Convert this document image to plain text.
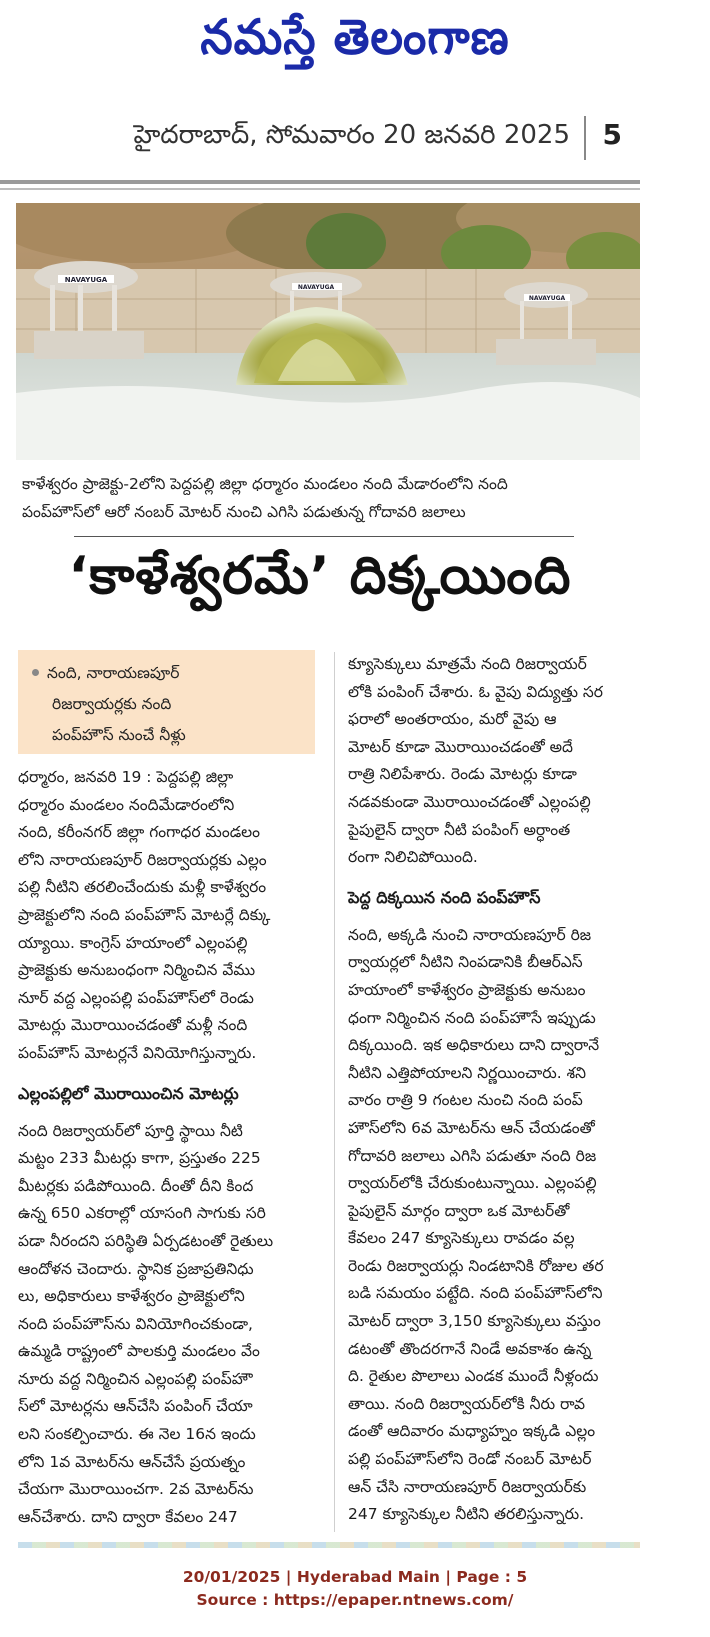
నమస్తే తెలంగాణ
హైదరాబాద్, సోమవారం 20 జనవరి 2025 5
NAVAYUGA
NAVAYUGA
NAVAYUGA
కాళేశ్వరం ప్రాజెక్టు-2లోని పెద్దపల్లి జిల్లా ధర్మారం మండలం నంది మేడారంలోని నంది
పంప్‌హౌస్‌లో ఆరో నంబర్ మోటర్ నుంచి ఎగిసి పడుతున్న గోదావరి జలాలు
‘కాళేశ్వరమే’ దిక్కయింది
నంది, నారాయణపూర్
రిజర్వాయర్లకు నంది
పంప్‌హౌస్ నుంచే నీళ్లు
ధర్మారం, జనవరి 19 : పెద్దపల్లి జిల్లా
ధర్మారం మండలం నందిమేడారంలోని
నంది, కరీంనగర్ జిల్లా గంగాధర మండలం
లోని నారాయణపూర్ రిజర్వాయర్లకు ఎల్లం
పల్లి నీటిని తరలించేందుకు మళ్లీ కాళేశ్వరం
ప్రాజెక్టులోని నంది పంప్‌హౌస్ మోటర్లే దిక్కు
య్యాయి. కాంగ్రెస్ హయాంలో ఎల్లంపల్లి
ప్రాజెక్టుకు అనుబంధంగా నిర్మించిన వేము
నూర్ వద్ద ఎల్లంపల్లి పంప్‌హౌస్‌లో రెండు
మోటర్లు మొరాయించడంతో మళ్లీ నంది
పంప్‌హౌస్ మోటర్లనే వినియోగిస్తున్నారు.
ఎల్లంపల్లిలో మొరాయించిన మోటర్లు
నంది రిజర్వాయర్‌లో పూర్తి స్థాయి నీటి
మట్టం 233 మీటర్లు కాగా, ప్రస్తుతం 225
మీటర్లకు పడిపోయింది. దీంతో దీని కింద
ఉన్న 650 ఎకరాల్లో యాసంగి సాగుకు సరి
పడా నీరందని పరిస్థితి ఏర్పడటంతో రైతులు
ఆందోళన చెందారు. స్థానిక ప్రజాప్రతినిధు
లు, అధికారులు కాళేశ్వరం ప్రాజెక్టులోని
నంది పంప్‌హౌస్‌ను వినియోగించకుండా,
ఉమ్మడి రాష్ట్రంలో పాలకుర్తి మండలం వేం
నూరు వద్ద నిర్మించిన ఎల్లంపల్లి పంప్‌హౌ
స్‌లో మోటర్లను ఆన్‌చేసి పంపింగ్ చేయా
లని సంకల్పించారు. ఈ నెల 16న ఇందు
లోని 1వ మోటర్‌ను ఆన్‌చేసే ప్రయత్నం
చేయగా మొరాయించగా. 2వ మోటర్‌ను
ఆన్‌చేశారు. దాని ద్వారా కేవలం 247
క్యూసెక్కులు మాత్రమే నంది రిజర్వాయర్
లోకి పంపింగ్ చేశారు. ఓ వైపు విద్యుత్తు సర
ఫరాలో అంతరాయం, మరో వైపు ఆ
మోటర్ కూడా మొరాయించడంతో అదే
రాత్రి నిలిపేశారు. రెండు మోటర్లు కూడా
నడవకుండా మొరాయించడంతో ఎల్లంపల్లి
పైపులైన్ ద్వారా నీటి పంపింగ్ అర్ధాంత
రంగా నిలిచిపోయింది.
పెద్ద దిక్కయిన నంది పంప్‌హౌస్
నంది, అక్కడి నుంచి నారాయణపూర్ రిజ
ర్వాయర్లలో నీటిని నింపడానికి బీఆర్‌ఎస్
హయాంలో కాళేశ్వరం ప్రాజెక్టుకు అనుబం
ధంగా నిర్మించిన నంది పంప్‌హౌసే ఇప్పుడు
దిక్కయింది. ఇక అధికారులు దాని ద్వారానే
నీటిని ఎత్తిపోయాలని నిర్ణయించారు. శని
వారం రాత్రి 9 గంటల నుంచి నంది పంప్
హౌస్‌లోని 6వ మోటర్‌ను ఆన్ చేయడంతో
గోదావరి జలాలు ఎగిసి పడుతూ నంది రిజ
ర్వాయర్‌లోకి చేరుకుంటున్నాయి. ఎల్లంపల్లి
పైపులైన్ మార్గం ద్వారా ఒక మోటర్‌తో
కేవలం 247 క్యూసెక్కులు రావడం వల్ల
రెండు రిజర్వాయర్లు నిండటానికి రోజుల తర
బడి సమయం పట్టేది. నంది పంప్‌హౌస్‌లోని
మోటర్ ద్వారా 3,150 క్యూసెక్కులు వస్తుం
డటంతో తొందరగానే నిండే అవకాశం ఉన్న
ది. రైతుల పొలాలు ఎండక ముందే నీళ్లందు
తాయి. నంది రిజర్వాయర్‌లోకి నీరు రావ
డంతో ఆదివారం మధ్యాహ్నం ఇక్కడి ఎల్లం
పల్లి పంప్‌హౌస్‌లోని రెండో నంబర్ మోటర్
ఆన్ చేసి నారాయణపూర్ రిజర్వాయర్‌కు
247 క్యూసెక్కుల నీటిని తరలిస్తున్నారు.
20/01/2025 | Hyderabad Main | Page : 5
Source : https://epaper.ntnews.com/
